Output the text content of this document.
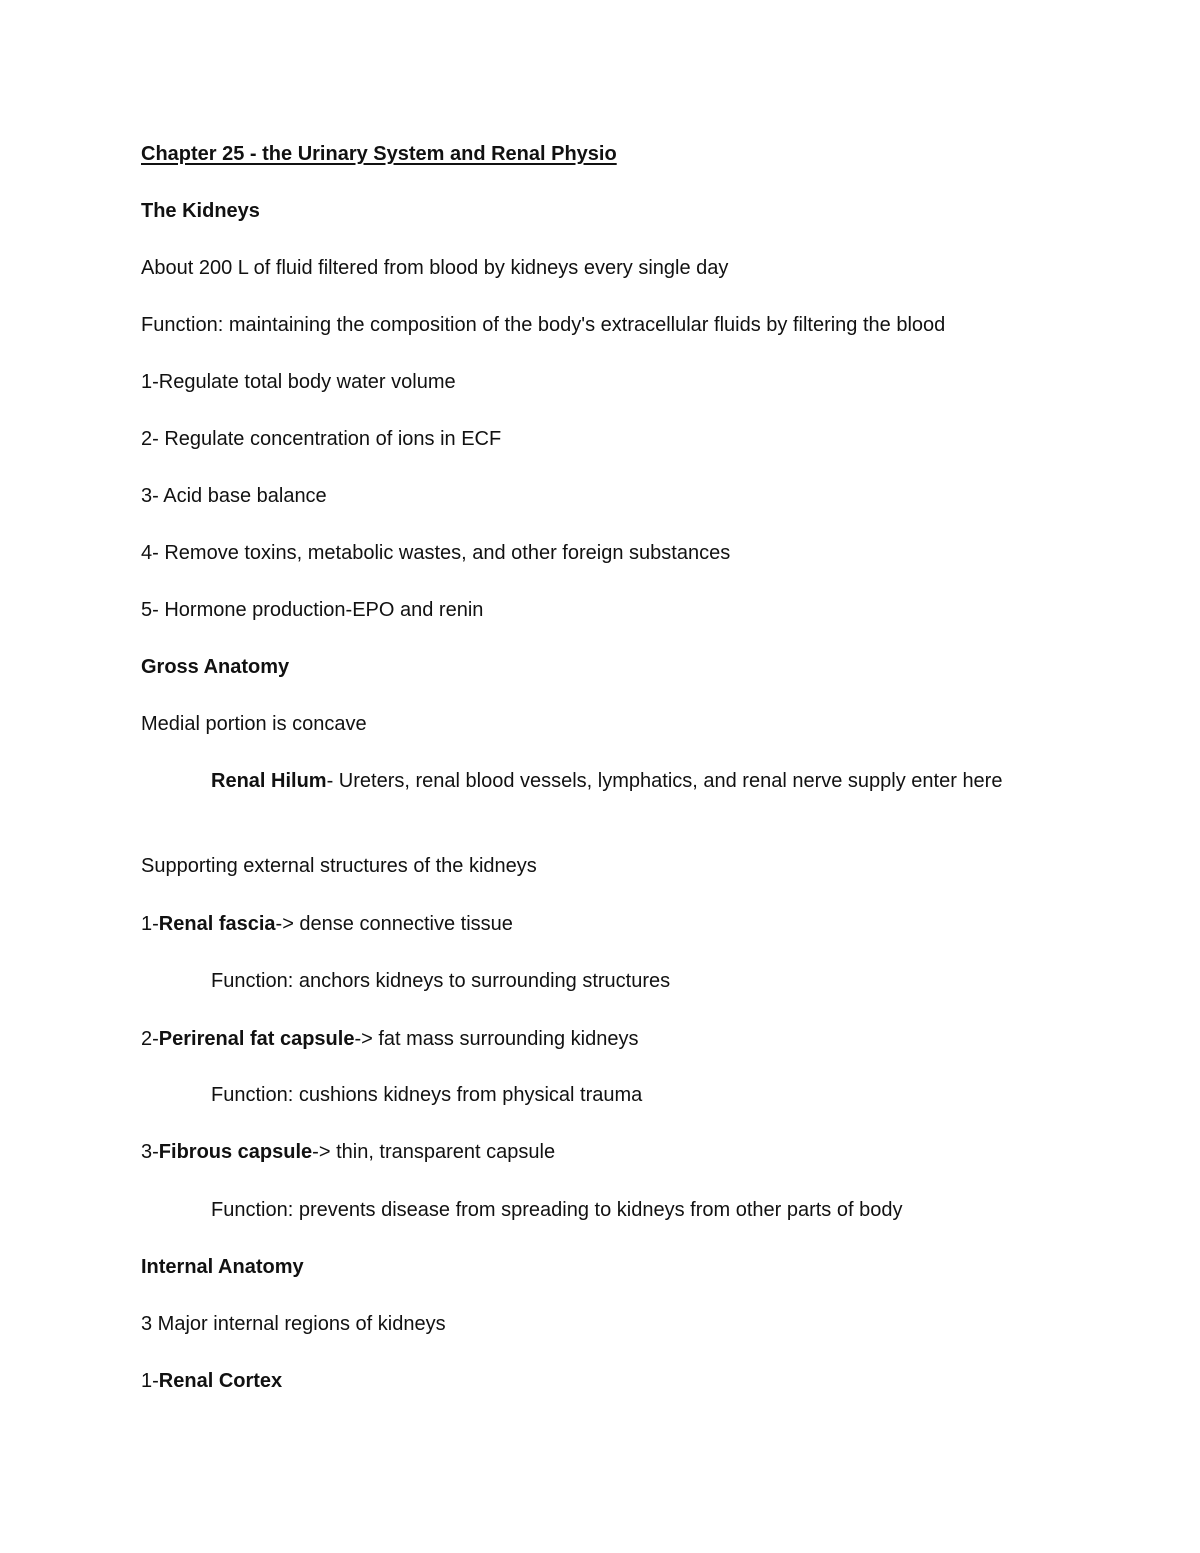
Chapter 25 - the Urinary System and Renal Physio

The Kidneys

About 200 L of fluid filtered from blood by kidneys every single day

Function: maintaining the composition of the body's extracellular fluids by filtering the blood

1-Regulate total body water volume

2- Regulate concentration of ions in ECF

3- Acid base balance

4- Remove toxins, metabolic wastes, and other foreign substances

5- Hormone production-EPO and renin

Gross Anatomy

Medial portion is concave

Renal Hilum- Ureters, renal blood vessels, lymphatics, and renal nerve supply enter here

Supporting external structures of the kidneys

1-Renal fascia-> dense connective tissue

Function: anchors kidneys to surrounding structures

2-Perirenal fat capsule-> fat mass surrounding kidneys

Function: cushions kidneys from physical trauma

3-Fibrous capsule-> thin, transparent capsule

Function: prevents disease from spreading to kidneys from other parts of body

Internal Anatomy

3 Major internal regions of kidneys

1-Renal Cortex
